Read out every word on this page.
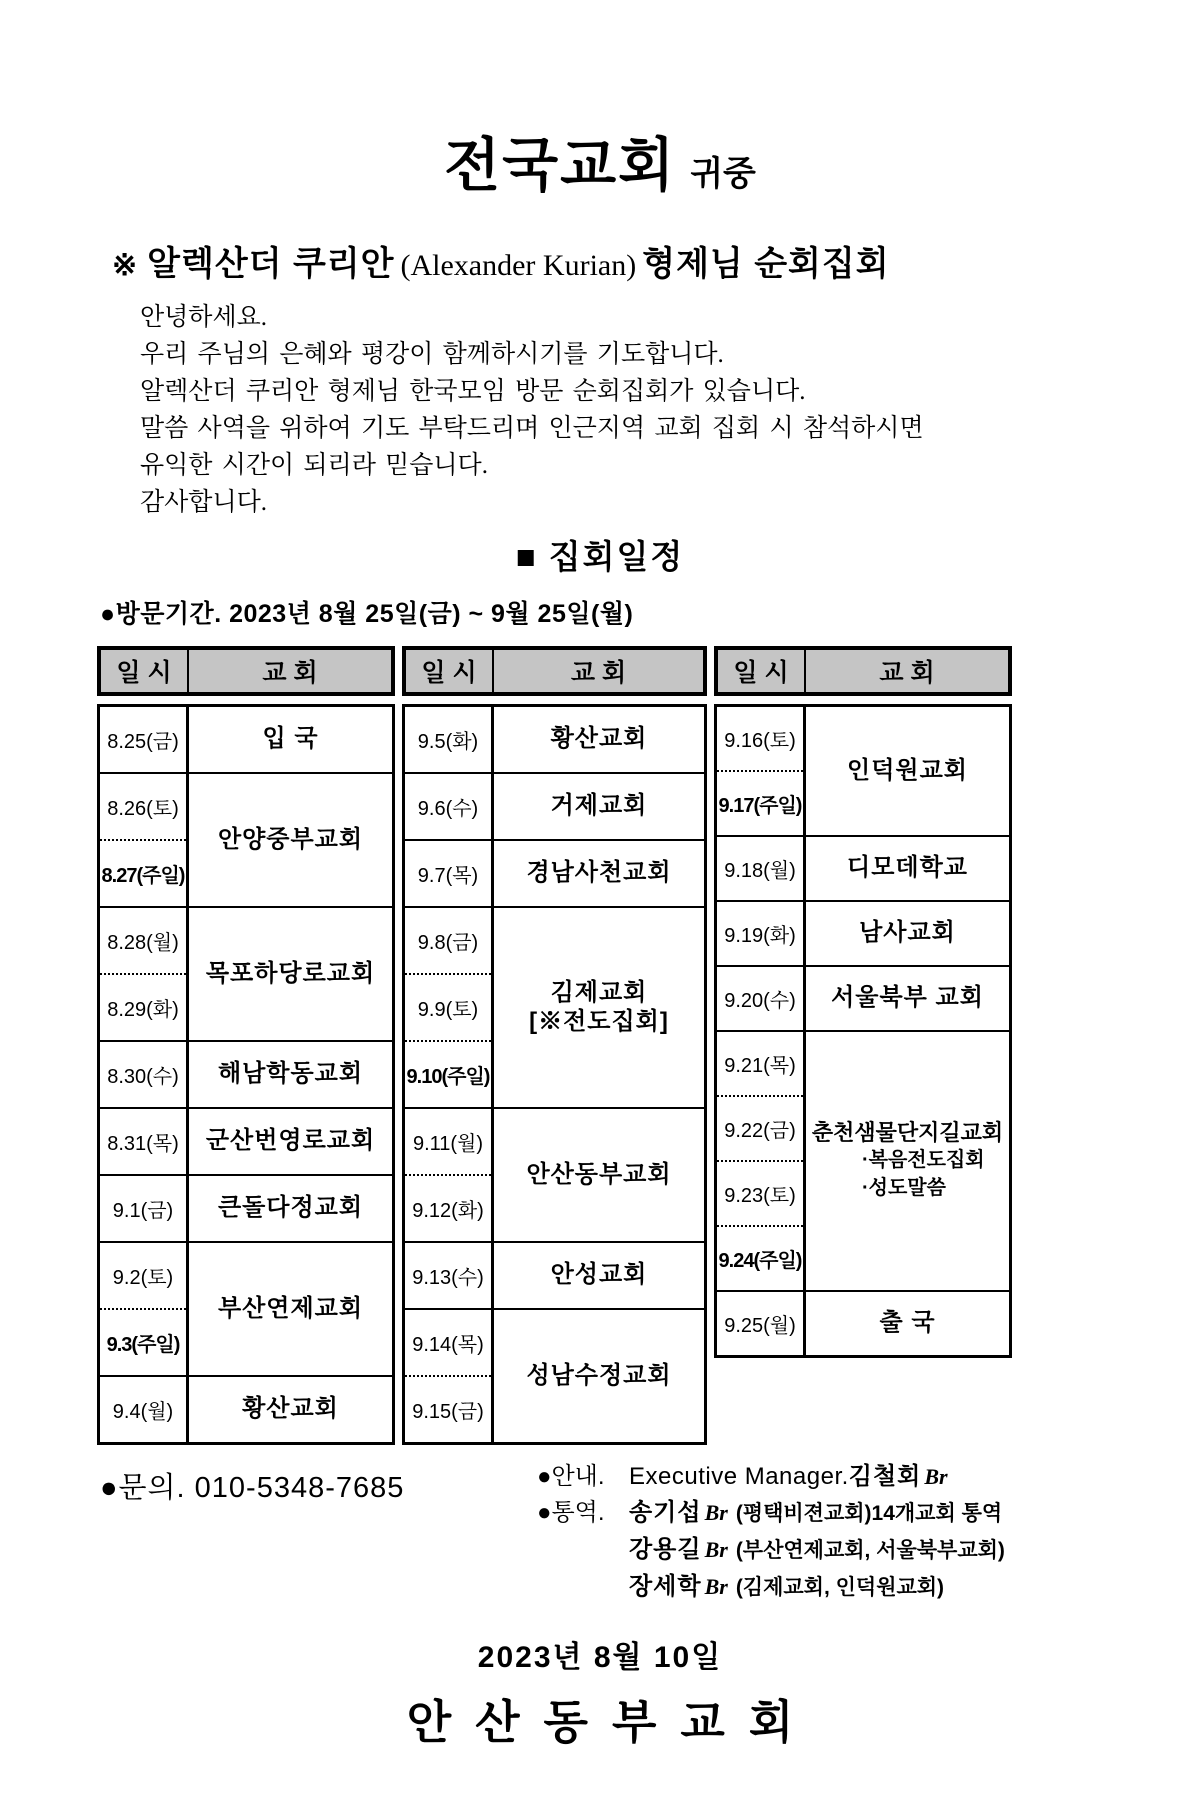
전국교회 귀중
※ 알렉산더 쿠리안 (Alexander Kurian) 형제님 순회집회
안녕하세요.
우리 주님의 은혜와 평강이 함께하시기를 기도합니다.
알렉산더 쿠리안 형제님 한국모임 방문 순회집회가 있습니다.
말씀 사역을 위하여 기도 부탁드리며 인근지역 교회 집회 시 참석하시면
유익한 시간이 되리라 믿습니다.
감사합니다.
■ 집회일정
●방문기간. 2023년 8월 25일(금) ~ 9월 25일(월)
일 시	교 회
8.25(금)	입 국

8.26(토)	안양중부교회

8.27(주일)	
8.28(월)	목포하당로교회

8.29(화)	
8.30(수)	해남학동교회

8.31(목)	군산번영로교회

9.1(금)	큰돌다정교회

9.2(토)	부산연제교회

9.3(주일)	
9.4(월)	황산교회
일 시	교 회
9.5(화)	황산교회

9.6(수)	거제교회

9.7(목)	경남사천교회

9.8(금)	김제교회
[※전도집회]

9.9(토)	
9.10(주일)	
9.11(월)	안산동부교회

9.12(화)	
9.13(수)	안성교회

9.14(목)	성남수정교회

9.15(금)	
일 시	교 회
9.16(토)	인덕원교회

9.17(주일)	
9.18(월)	디모데학교

9.19(화)	남사교회

9.20(수)	서울북부 교회

9.21(목)	춘천샘물단지길교회
·복음전도집회
·성도말씀

9.22(금)	
9.23(토)	
9.24(주일)	
9.25(월)	출 국
●문의. 010-5348-7685	●안내.	Executive Manager. 김철회 Br
●통역.	송기섭 Br (평택비젼교회)14개교회 통역
강용길 Br (부산연제교회, 서울북부교회)
장세학 Br (김제교회, 인덕원교회)
2023년 8월 10일
안산동부교회
